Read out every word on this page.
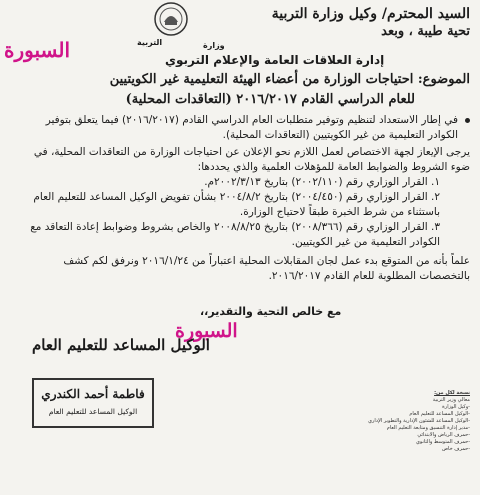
السيد المحترم/ وكيل وزارة التربية
تحية طيبة ، وبعد
التربية	وزارة
إدارة العلاقات العامة والإعلام التربوي
السبورة
الموضوع: احتياجات الوزارة من أعضاء الهيئة التعليمية غير الكويتيين
للعام الدراسي القادم ٢٠١٦/٢٠١٧ (التعاقدات المحلية)

في إطار الاستعداد لتنظيم وتوفير متطلبات العام الدراسي القادم (٢٠١٦/٢٠١٧) فيما يتعلق بتوفير الكوادر التعليمية من غير الكويتيين (التعاقدات المحلية).

يرجى الإيعاز لجهة الاختصاص لعمل اللازم نحو الإعلان عن احتياجات الوزارة من التعاقدات المحلية، في ضوء الشروط والضوابط العامة للمؤهلات العلمية والذي يحددها:

١. القرار الوزاري رقم (٢٠٠٢/١١٠) بتاريخ ٢٠٠٢/٣/١٣م.

٢. القرار الوزاري رقم (٢٠٠٤/٤٥٠) بتاريخ ٢٠٠٤/٨/٢ بشأن تفويض الوكيل المساعد للتعليم العام باستثناء من شرط الخبرة طبقاً لاحتياج الوزارة.

٣. القرار الوزاري رقم (٢٠٠٨/٣٦٦) بتاريخ ٢٠٠٨/٨/٢٥ والخاص بشروط وضوابط إعادة التعاقد مع الكوادر التعليمية من غير الكويتيين.

علماً بأنه من المتوقع بدء عمل لجان المقابلات المحلية اعتباراً من ٢٠١٦/١/٢٤ ونرفق لكم كشف بالتخصصات المطلوبة للعام القادم ٢٠١٦/٢٠١٧.

مع خالص التحية والتقدير،،
السبورة
الوكيل المساعد للتعليم العام
فاطمة أحمد الكندري
الوكيل المساعد للتعليم العام
نسخة لكل من:
معالي وزير التربية
-وكيل الوزارة
-الوكيل المساعد للتعليم العام
-الوكيل المساعد للشئون الإدارية والتطوير الإداري
-مدير إدارة التنسيق ومتابعة التعليم العام
-حمرف الرياض والابتدائي
-حمرف المتوسط والثانوي
-حمرف خاص
